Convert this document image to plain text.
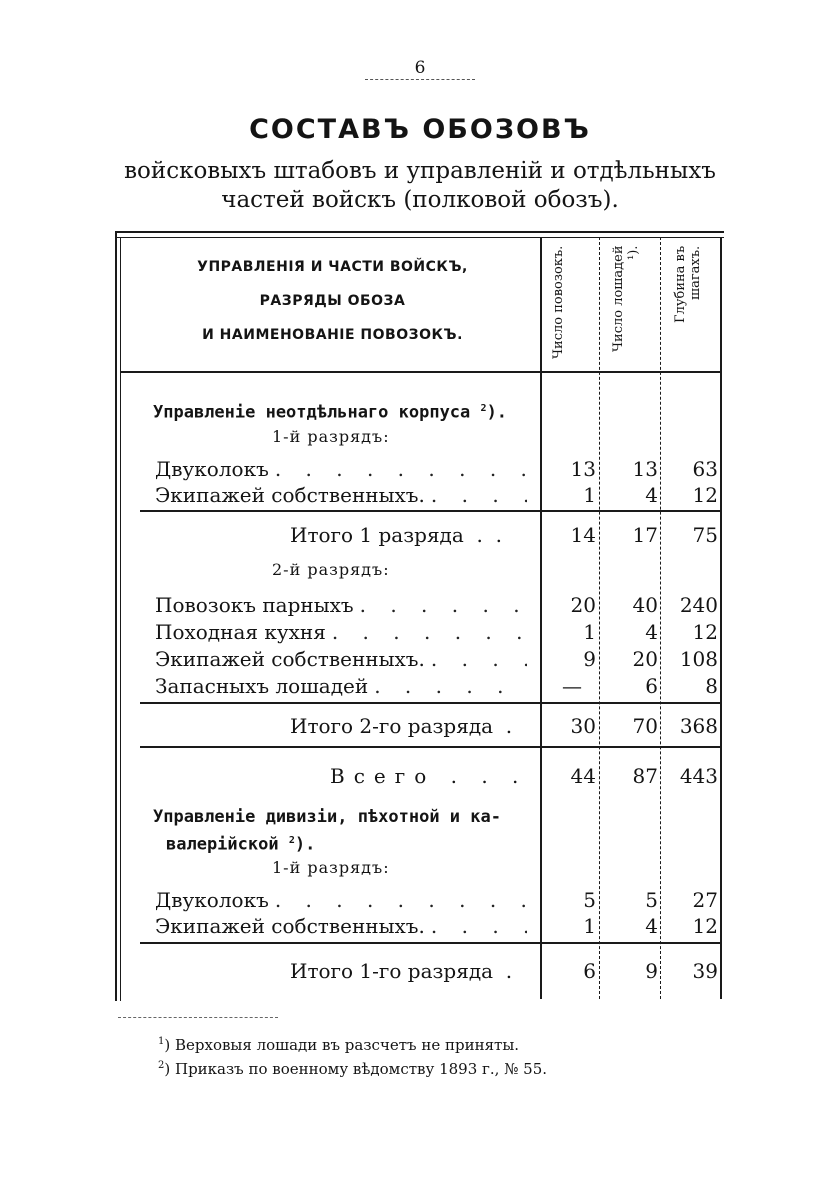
6
СОСТАВЪ ОБОЗОВЪ
войсковыхъ штабовъ и управленій и отдѣльныхъ
частей войскъ (полковой обозъ).
УПРАВЛЕНІЯ И ЧАСТИ ВОЙСКЪ,
РАЗРЯДЫ ОБОЗА
И НАИМЕНОВАНІЕ ПОВОЗОКЪ.	Число повозокъ.	Число лошадей ¹).	Глубина въ шагахъ.
Управленіе неотдѣльнаго корпуса $^2$).
1-й разрядъ:
Двуколокъ . . .	13	13	63
Экипажей собственныхъ. . . .	1	4	12
Итого 1 разряда  .  .	14	17	75
2-й разрядъ:
Повозокъ парныхъ . . .	20	40	240
Походная кухня . . .	1	4	12
Экипажей собственныхъ. . . .	9	20	108
Запасныхъ лошадей . . .	—	6	8
Итого 2-го разряда  .	30	70	368
Всего . . .	44	87	443
Управленіе дивизіи, пѣхотной и ка-
валерійской $^2$).
1-й разрядъ:
Двуколокъ . . .	5	5	27
Экипажей собственныхъ. . . .	1	4	12
Итого 1-го разряда  .	6	9	39
$^1$) Верховыя лошади въ разсчетъ не приняты.
$^2$) Приказъ по военному вѣдомству 1893 г., № 55.
